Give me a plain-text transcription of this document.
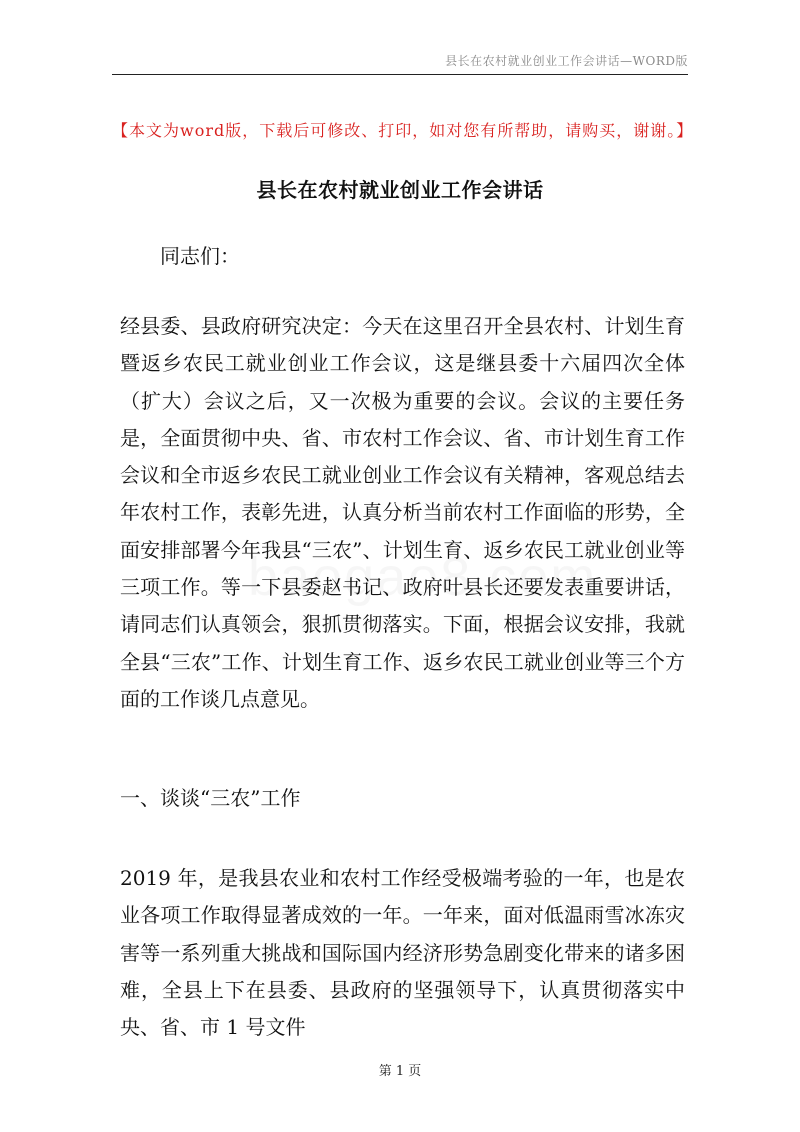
县长在农村就业创业工作会讲话—WORD版
【本文为word版，下载后可修改、打印，如对您有所帮助，请购买，谢谢。】
县长在农村就业创业工作会讲话
同志们：
经县委、县政府研究决定：今天在这里召开全县农村、计划生育暨返乡农民工就业创业工作会议，这是继县委十六届四次全体（扩大）会议之后，又一次极为重要的会议。会议的主要任务是，全面贯彻中央、省、市农村工作会议、省、市计划生育工作会议和全市返乡农民工就业创业工作会议有关精神，客观总结去年农村工作，表彰先进，认真分析当前农村工作面临的形势，全面安排部署今年我县“三农”、计划生育、返乡农民工就业创业等三项工作。等一下县委赵书记、政府叶县长还要发表重要讲话，请同志们认真领会，狠抓贯彻落实。下面，根据会议安排，我就全县“三农”工作、计划生育工作、返乡农民工就业创业等三个方面的工作谈几点意见。
一、谈谈“三农”工作
2019 年，是我县农业和农村工作经受极端考验的一年，也是农业各项工作取得显著成效的一年。一年来，面对低温雨雪冰冻灾害等一系列重大挑战和国际国内经济形势急剧变化带来的诸多困难，全县上下在县委、县政府的坚强领导下，认真贯彻落实中央、省、市 1 号文件
第 1 页
